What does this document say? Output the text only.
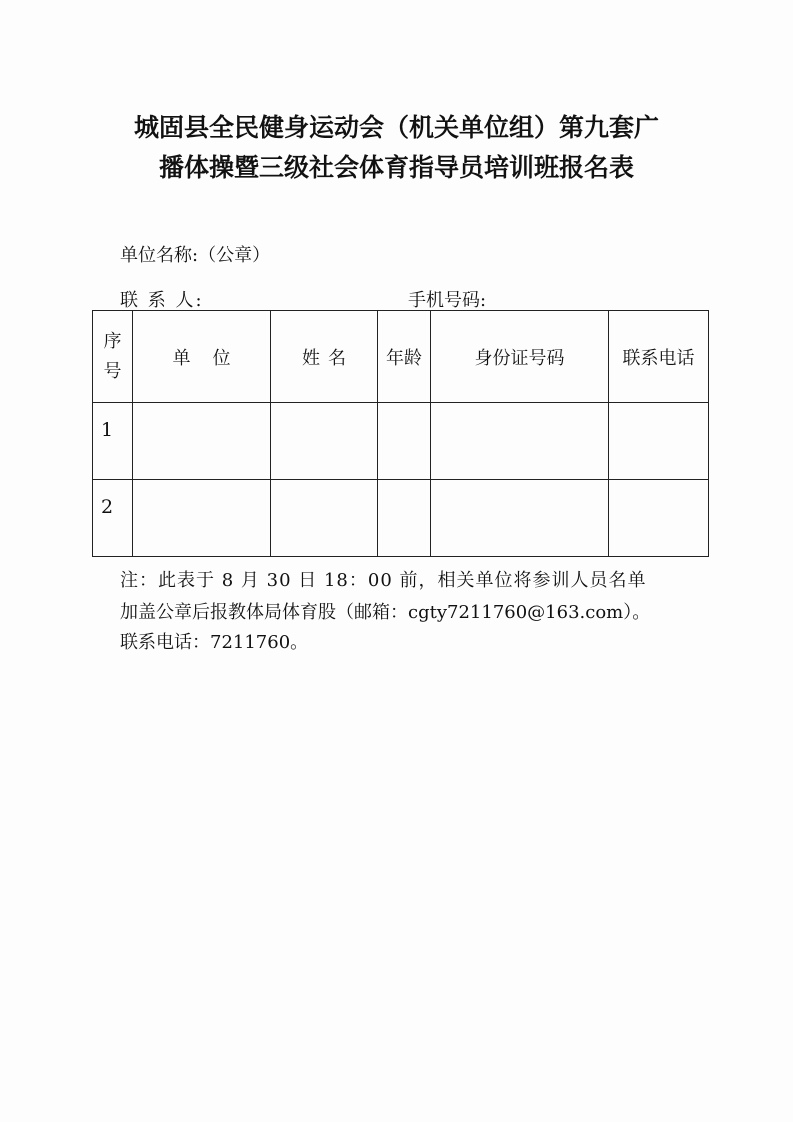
城固县全民健身运动会（机关单位组）第九套广
播体操暨三级社会体育指导员培训班报名表
单位名称:（公章）
联 系 人:	手机号码:
序
号	单位	姓名	年龄	身份证号码	联系电话
1					
2					
注：此表于 8 月 30 日 18：00 前，相关单位将参训人员名单
加盖公章后报教体局体育股（邮箱：cgty7211760@163.com）。
联系电话：7211760。
